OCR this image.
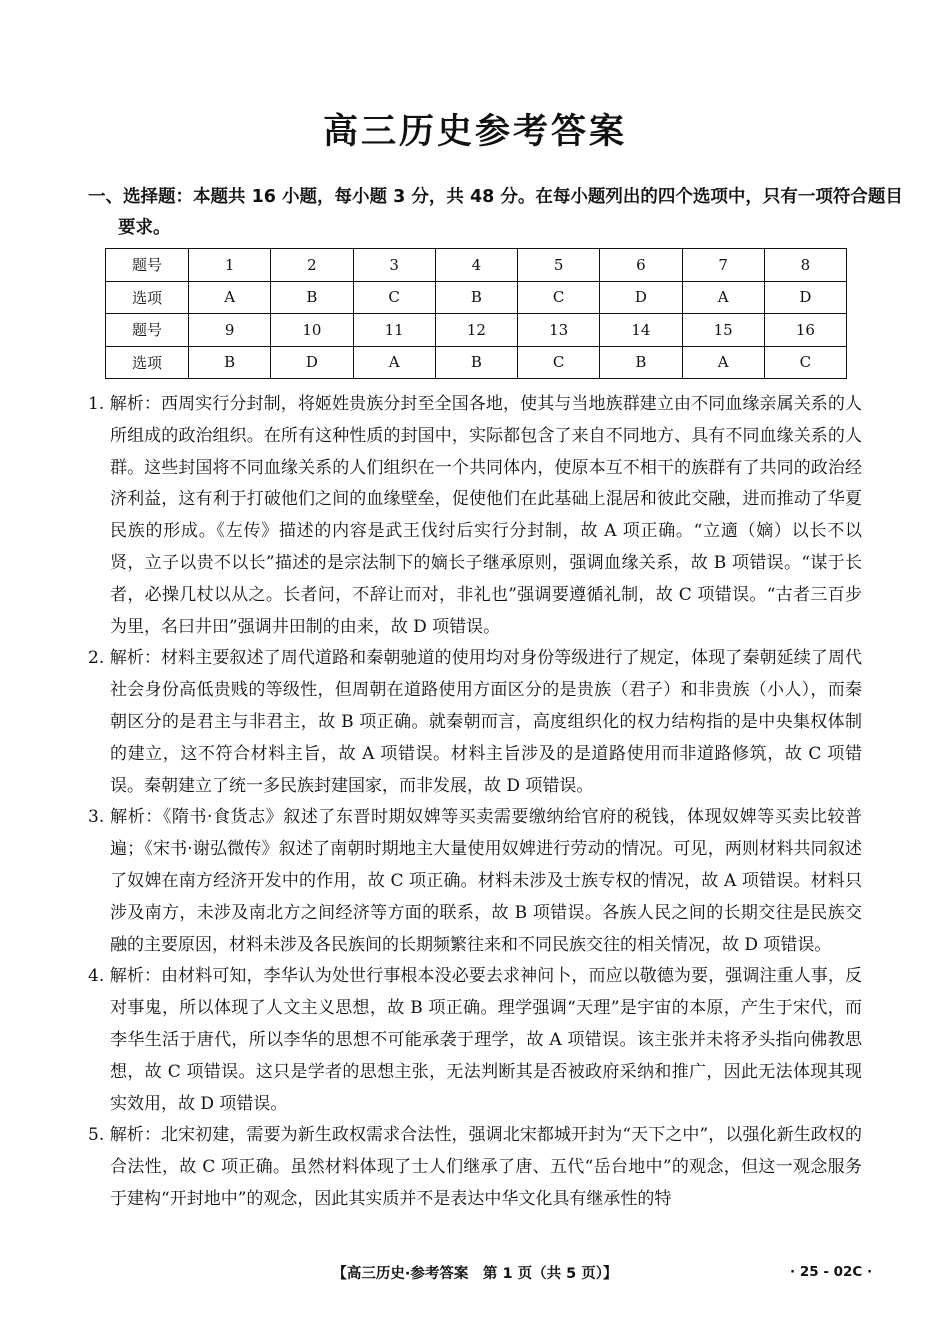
高三历史参考答案
一、选择题：本题共 16 小题，每小题 3 分，共 48 分。在每小题列出的四个选项中，只有一项符合题目要求。
题号	1	2	3	4	5	6	7	8
选项	A	B	C	B	C	D	A	D
题号	9	10	11	12	13	14	15	16
选项	B	D	A	B	C	B	A	C

1. 解析：西周实行分封制，将姬姓贵族分封至全国各地，使其与当地族群建立由不同血缘亲属关系的人所组成的政治组织。在所有这种性质的封国中，实际都包含了来自不同地方、具有不同血缘关系的人群。这些封国将不同血缘关系的人们组织在一个共同体内，使原本互不相干的族群有了共同的政治经济利益，这有利于打破他们之间的血缘壁垒，促使他们在此基础上混居和彼此交融，进而推动了华夏民族的形成。《左传》描述的内容是武王伐纣后实行分封制，故 A 项正确。“立適（嫡）以长不以贤，立子以贵不以长”描述的是宗法制下的嫡长子继承原则，强调血缘关系，故 B 项错误。“谋于长者，必操几杖以从之。长者问，不辞让而对，非礼也”强调要遵循礼制，故 C 项错误。“古者三百步为里，名曰井田”强调井田制的由来，故 D 项错误。

2. 解析：材料主要叙述了周代道路和秦朝驰道的使用均对身份等级进行了规定，体现了秦朝延续了周代社会身份高低贵贱的等级性，但周朝在道路使用方面区分的是贵族（君子）和非贵族（小人），而秦朝区分的是君主与非君主，故 B 项正确。就秦朝而言，高度组织化的权力结构指的是中央集权体制的建立，这不符合材料主旨，故 A 项错误。材料主旨涉及的是道路使用而非道路修筑，故 C 项错误。秦朝建立了统一多民族封建国家，而非发展，故 D 项错误。

3. 解析：《隋书·食货志》叙述了东晋时期奴婢等买卖需要缴纳给官府的税钱，体现奴婢等买卖比较普遍；《宋书·谢弘微传》叙述了南朝时期地主大量使用奴婢进行劳动的情况。可见，两则材料共同叙述了奴婢在南方经济开发中的作用，故 C 项正确。材料未涉及士族专权的情况，故 A 项错误。材料只涉及南方，未涉及南北方之间经济等方面的联系，故 B 项错误。各族人民之间的长期交往是民族交融的主要原因，材料未涉及各民族间的长期频繁往来和不同民族交往的相关情况，故 D 项错误。

4. 解析：由材料可知，李华认为处世行事根本没必要去求神问卜，而应以敬德为要，强调注重人事，反对事鬼，所以体现了人文主义思想，故 B 项正确。理学强调“天理”是宇宙的本原，产生于宋代，而李华生活于唐代，所以李华的思想不可能承袭于理学，故 A 项错误。该主张并未将矛头指向佛教思想，故 C 项错误。这只是学者的思想主张，无法判断其是否被政府采纳和推广，因此无法体现其现实效用，故 D 项错误。

5. 解析：北宋初建，需要为新生政权需求合法性，强调北宋都城开封为“天下之中”，以强化新生政权的合法性，故 C 项正确。虽然材料体现了士人们继承了唐、五代“岳台地中”的观念，但这一观念服务于建构“开封地中”的观念，因此其实质并不是表达中华文化具有继承性的特

【高三历史·参考答案　第 1 页（共 5 页）】	· 25 - 02C ·
